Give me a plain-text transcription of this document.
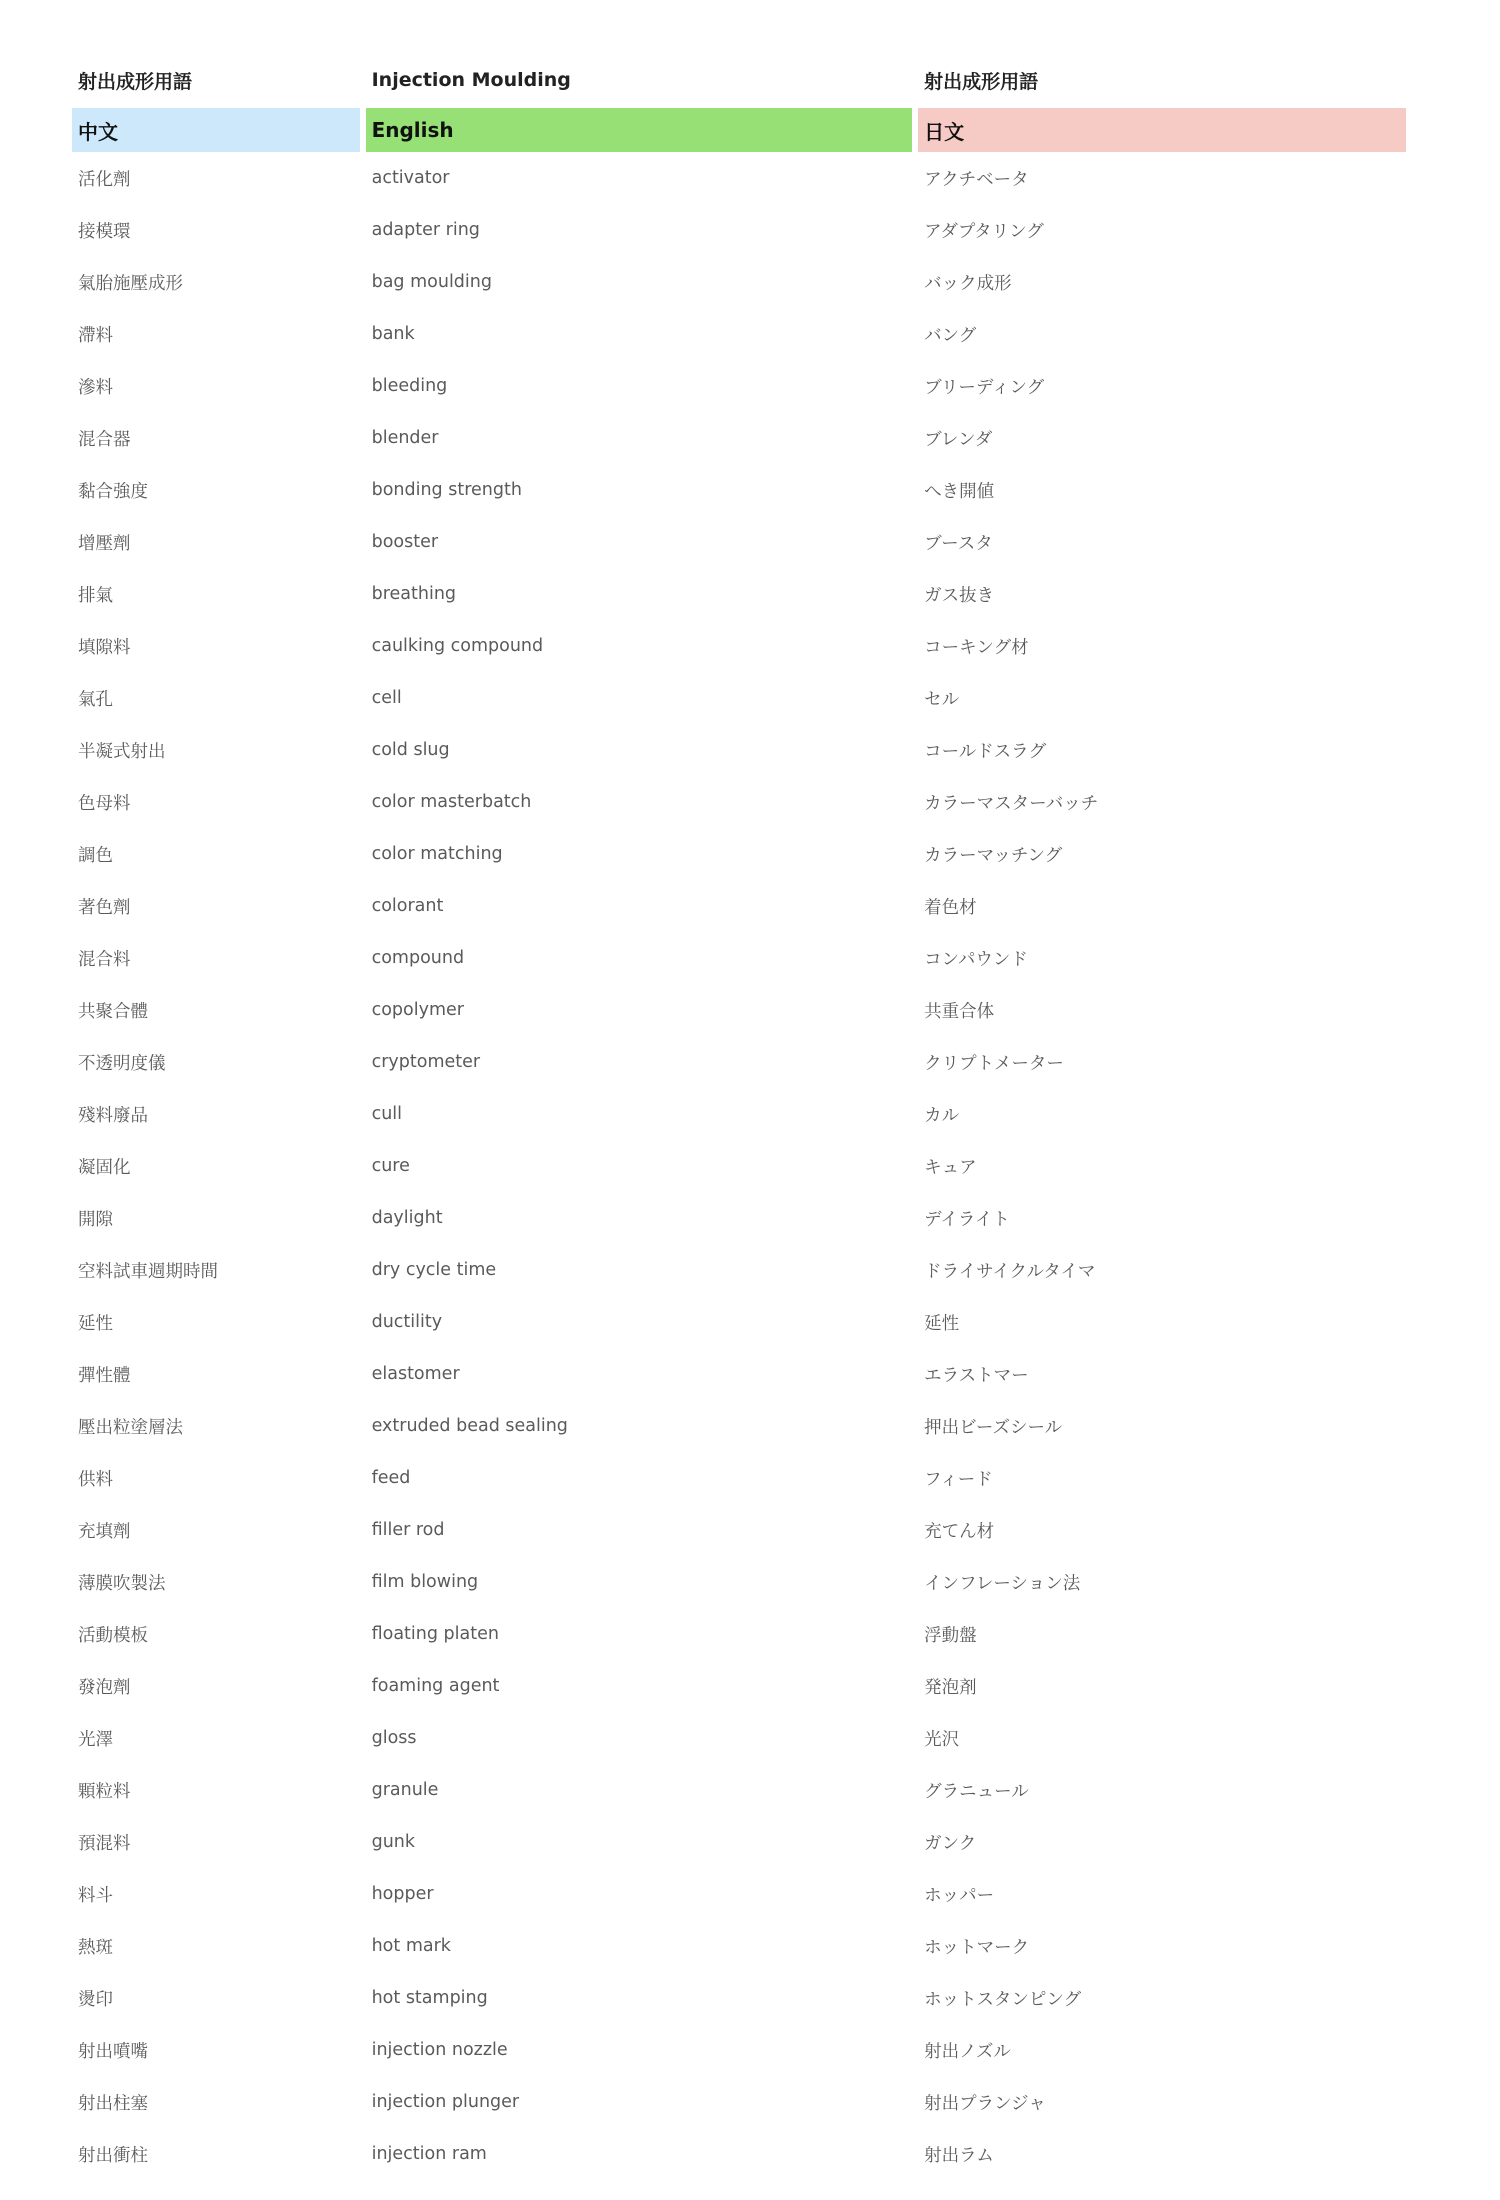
射出成形用語	Injection Moulding	射出成形用語
中文	English	日文
活化劑	activator	アクチベータ
接模環	adapter ring	アダプタリング
氣胎施壓成形	bag moulding	バック成形
滯料	bank	バング
滲料	bleeding	ブリーディング
混合器	blender	ブレンダ
黏合強度	bonding strength	へき開値
增壓劑	booster	ブースタ
排氣	breathing	ガス抜き
填隙料	caulking compound	コーキング材
氣孔	cell	セル
半凝式射出	cold slug	コールドスラグ
色母料	color masterbatch	カラーマスターバッチ
調色	color matching	カラーマッチング
著色劑	colorant	着色材
混合料	compound	コンパウンド
共聚合體	copolymer	共重合体
不透明度儀	cryptometer	クリプトメーター
殘料廢品	cull	カル
凝固化	cure	キュア
開隙	daylight	デイライト
空料試車週期時間	dry cycle time	ドライサイクルタイマ
延性	ductility	延性
彈性體	elastomer	エラストマー
壓出粒塗層法	extruded bead sealing	押出ビーズシール
供料	feed	フィード
充填劑	filler rod	充てん材
薄膜吹製法	film blowing	インフレーション法
活動模板	floating platen	浮動盤
發泡劑	foaming agent	発泡剤
光澤	gloss	光沢
顆粒料	granule	グラニュール
預混料	gunk	ガンク
料斗	hopper	ホッパー
熱斑	hot mark	ホットマーク
燙印	hot stamping	ホットスタンピング
射出噴嘴	injection nozzle	射出ノズル
射出柱塞	injection plunger	射出プランジャ
射出衝柱	injection ram	射出ラム
